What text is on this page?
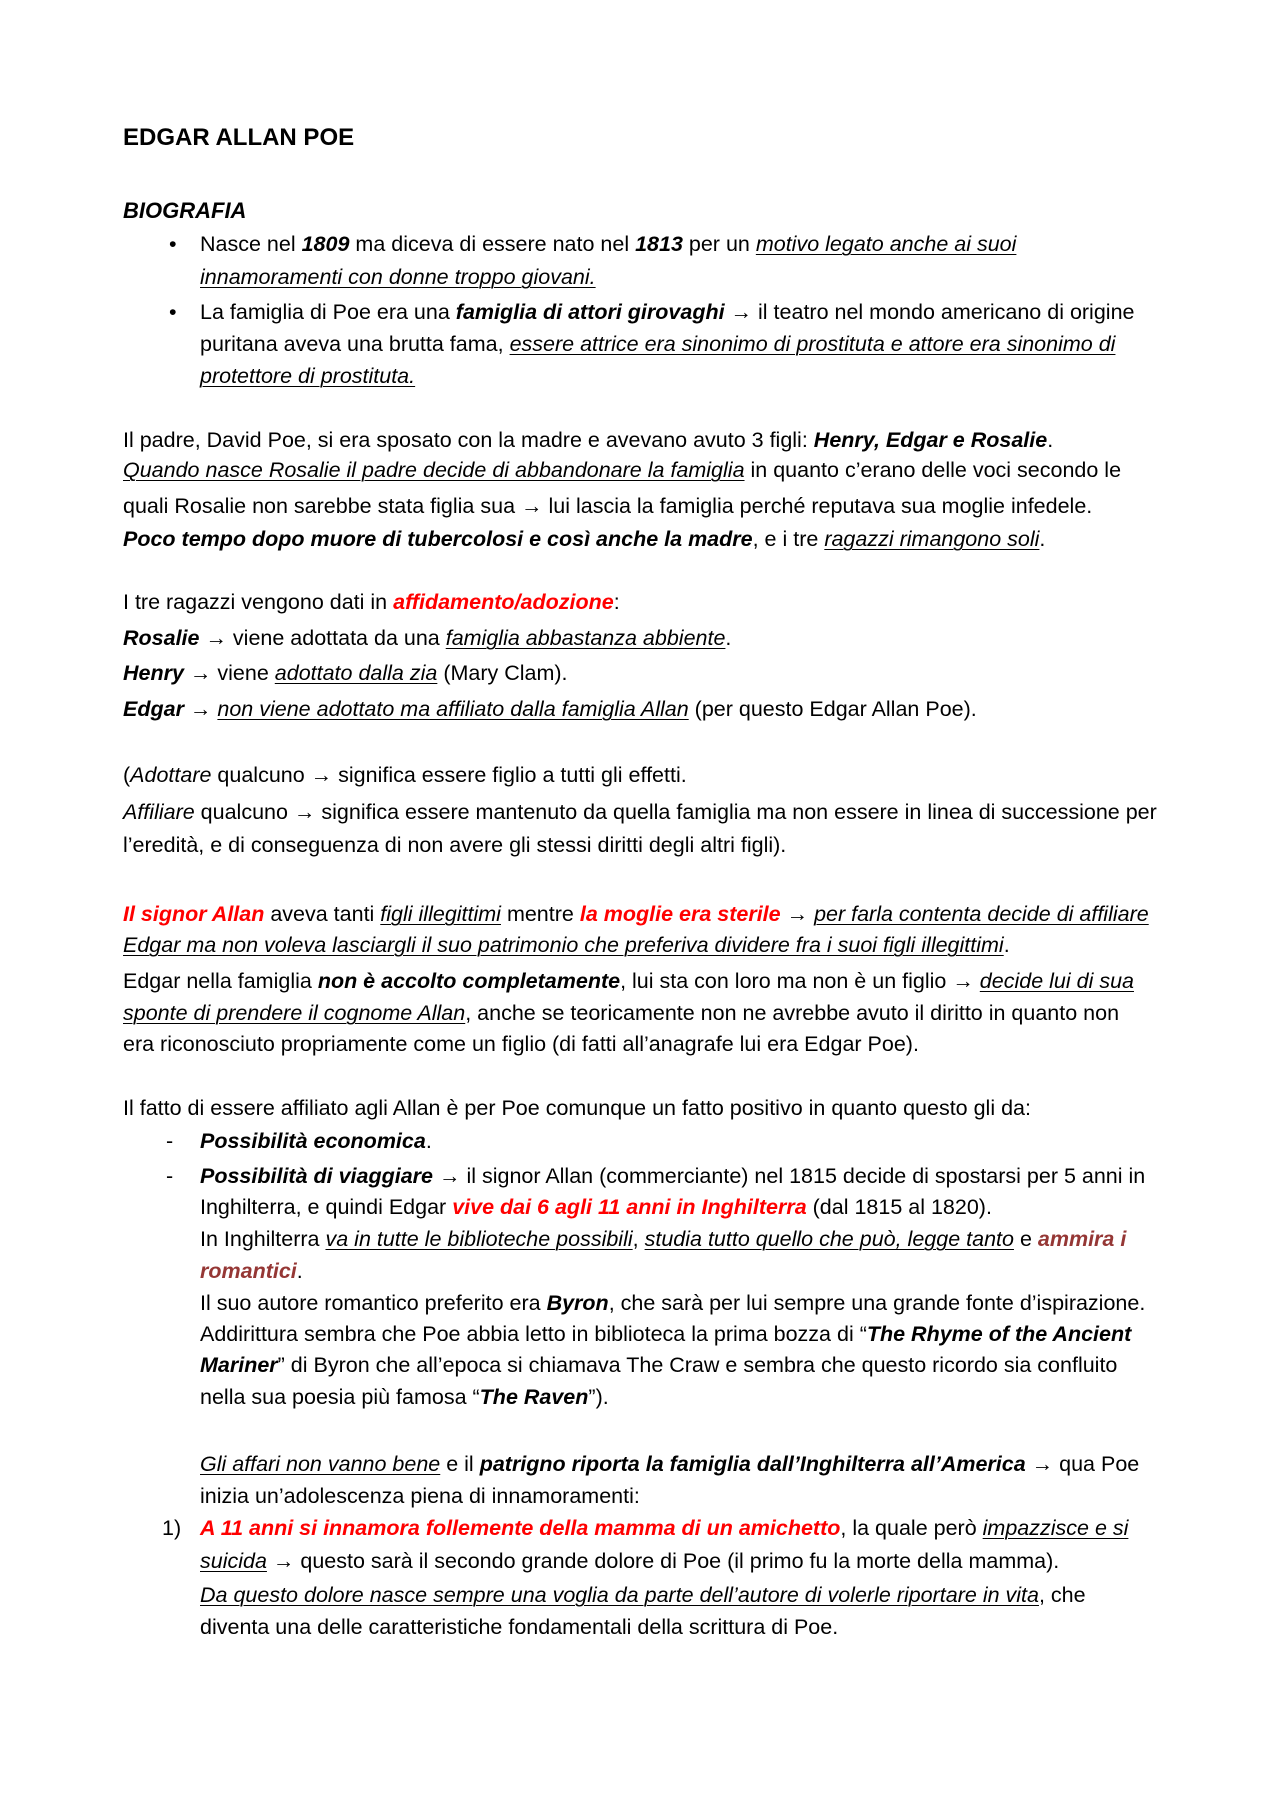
EDGAR ALLAN POE
BIOGRAFIA
• Nasce nel 1809 ma diceva di essere nato nel 1813 per un motivo legato anche ai suoi
innamoramenti con donne troppo giovani.
• La famiglia di Poe era una famiglia di attori girovaghi → il teatro nel mondo americano di origine
puritana aveva una brutta fama, essere attrice era sinonimo di prostituta e attore era sinonimo di
protettore di prostituta.
Il padre, David Poe, si era sposato con la madre e avevano avuto 3 figli: Henry, Edgar e Rosalie.
Quando nasce Rosalie il padre decide di abbandonare la famiglia in quanto c’erano delle voci secondo le
quali Rosalie non sarebbe stata figlia sua → lui lascia la famiglia perché reputava sua moglie infedele.
Poco tempo dopo muore di tubercolosi e così anche la madre, e i tre ragazzi rimangono soli.
I tre ragazzi vengono dati in affidamento/adozione:
Rosalie → viene adottata da una famiglia abbastanza abbiente.
Henry → viene adottato dalla zia (Mary Clam).
Edgar → non viene adottato ma affiliato dalla famiglia Allan (per questo Edgar Allan Poe).
(Adottare qualcuno → significa essere figlio a tutti gli effetti.
Affiliare qualcuno → significa essere mantenuto da quella famiglia ma non essere in linea di successione per
l’eredità, e di conseguenza di non avere gli stessi diritti degli altri figli).
Il signor Allan aveva tanti figli illegittimi mentre la moglie era sterile → per farla contenta decide di affiliare
Edgar ma non voleva lasciargli il suo patrimonio che preferiva dividere fra i suoi figli illegittimi.
Edgar nella famiglia non è accolto completamente, lui sta con loro ma non è un figlio → decide lui di sua
sponte di prendere il cognome Allan, anche se teoricamente non ne avrebbe avuto il diritto in quanto non
era riconosciuto propriamente come un figlio (di fatti all’anagrafe lui era Edgar Poe).
Il fatto di essere affiliato agli Allan è per Poe comunque un fatto positivo in quanto questo gli da:
- Possibilità economica.
- Possibilità di viaggiare → il signor Allan (commerciante) nel 1815 decide di spostarsi per 5 anni in
Inghilterra, e quindi Edgar vive dai 6 agli 11 anni in Inghilterra (dal 1815 al 1820).
In Inghilterra va in tutte le biblioteche possibili, studia tutto quello che può, legge tanto e ammira i
romantici.
Il suo autore romantico preferito era Byron, che sarà per lui sempre una grande fonte d’ispirazione.
Addirittura sembra che Poe abbia letto in biblioteca la prima bozza di “The Rhyme of the Ancient
Mariner” di Byron che all’epoca si chiamava The Craw e sembra che questo ricordo sia confluito
nella sua poesia più famosa “The Raven”).
Gli affari non vanno bene e il patrigno riporta la famiglia dall’Inghilterra all’America → qua Poe
inizia un’adolescenza piena di innamoramenti:
1) A 11 anni si innamora follemente della mamma di un amichetto, la quale però impazzisce e si
suicida → questo sarà il secondo grande dolore di Poe (il primo fu la morte della mamma).
Da questo dolore nasce sempre una voglia da parte dell’autore di volerle riportare in vita, che
diventa una delle caratteristiche fondamentali della scrittura di Poe.
